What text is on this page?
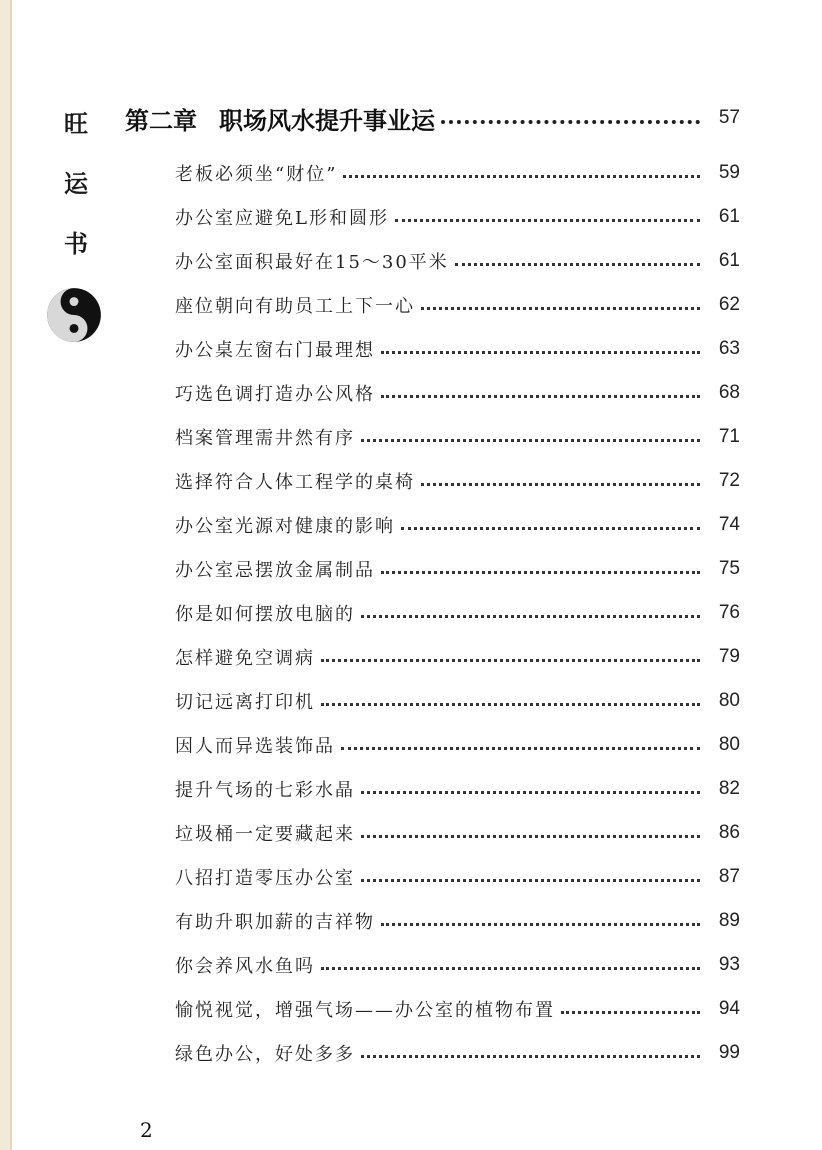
旺
运
书
第二章 职场风水提升事业运	57
老板必须坐“财位”	59
办公室应避免L形和圆形	61
办公室面积最好在15～30平米	61
座位朝向有助员工上下一心	62
办公桌左窗右门最理想	63
巧选色调打造办公风格	68
档案管理需井然有序	71
选择符合人体工程学的桌椅	72
办公室光源对健康的影响	74
办公室忌摆放金属制品	75
你是如何摆放电脑的	76
怎样避免空调病	79
切记远离打印机	80
因人而异选装饰品	80
提升气场的七彩水晶	82
垃圾桶一定要藏起来	86
八招打造零压办公室	87
有助升职加薪的吉祥物	89
你会养风水鱼吗	93
愉悦视觉，增强气场——办公室的植物布置	94
绿色办公，好处多多	99
2
